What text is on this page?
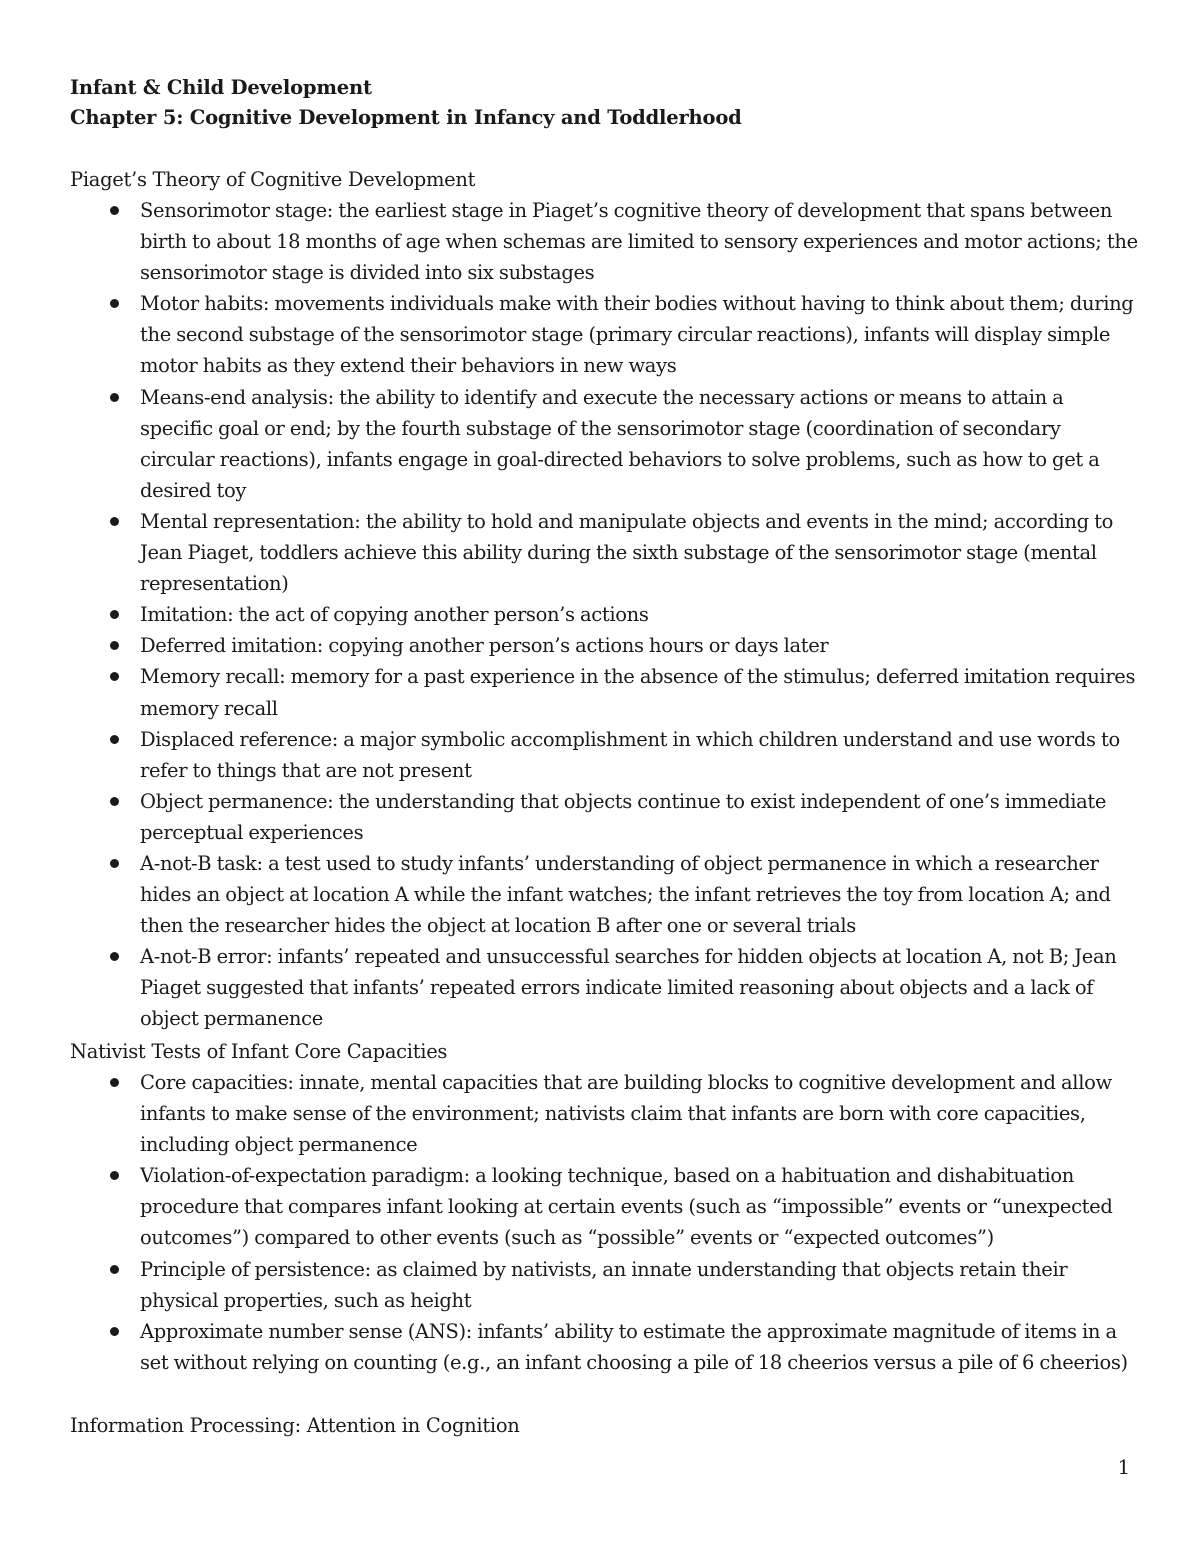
Infant & Child Development
Chapter 5: Cognitive Development in Infancy and Toddlerhood

Piaget’s Theory of Cognitive Development

Sensorimotor stage: the earliest stage in Piaget’s cognitive theory of development that spans between birth to about 18 months of age when schemas are limited to sensory experiences and motor actions; the sensorimotor stage is divided into six substages
Motor habits: movements individuals make with their bodies without having to think about them; during the second substage of the sensorimotor stage (primary circular reactions), infants will display simple motor habits as they extend their behaviors in new ways
Means-end analysis: the ability to identify and execute the necessary actions or means to attain a specific goal or end; by the fourth substage of the sensorimotor stage (coordination of secondary circular reactions), infants engage in goal-directed behaviors to solve problems, such as how to get a desired toy
Mental representation: the ability to hold and manipulate objects and events in the mind; according to Jean Piaget, toddlers achieve this ability during the sixth substage of the sensorimotor stage (mental representation)
Imitation: the act of copying another person’s actions
Deferred imitation: copying another person’s actions hours or days later
Memory recall: memory for a past experience in the absence of the stimulus; deferred imitation requires memory recall
Displaced reference: a major symbolic accomplishment in which children understand and use words to refer to things that are not present
Object permanence: the understanding that objects continue to exist independent of one’s immediate perceptual experiences
A-not-B task: a test used to study infants’ understanding of object permanence in which a researcher hides an object at location A while the infant watches; the infant retrieves the toy from location A; and then the researcher hides the object at location B after one or several trials
A-not-B error: infants’ repeated and unsuccessful searches for hidden objects at location A, not B; Jean Piaget suggested that infants’ repeated errors indicate limited reasoning about objects and a lack of object permanence

Nativist Tests of Infant Core Capacities

Core capacities: innate, mental capacities that are building blocks to cognitive development and allow infants to make sense of the environment; nativists claim that infants are born with core capacities, including object permanence
Violation-of-expectation paradigm: a looking technique, based on a habituation and dishabituation procedure that compares infant looking at certain events (such as “impossible” events or “unexpected outcomes”) compared to other events (such as “possible” events or “expected outcomes”)
Principle of persistence: as claimed by nativists, an innate understanding that objects retain their physical properties, such as height
Approximate number sense (ANS): infants’ ability to estimate the approximate magnitude of items in a set without relying on counting (e.g., an infant choosing a pile of 18 cheerios versus a pile of 6 cheerios)

Information Processing: Attention in Cognition

1
